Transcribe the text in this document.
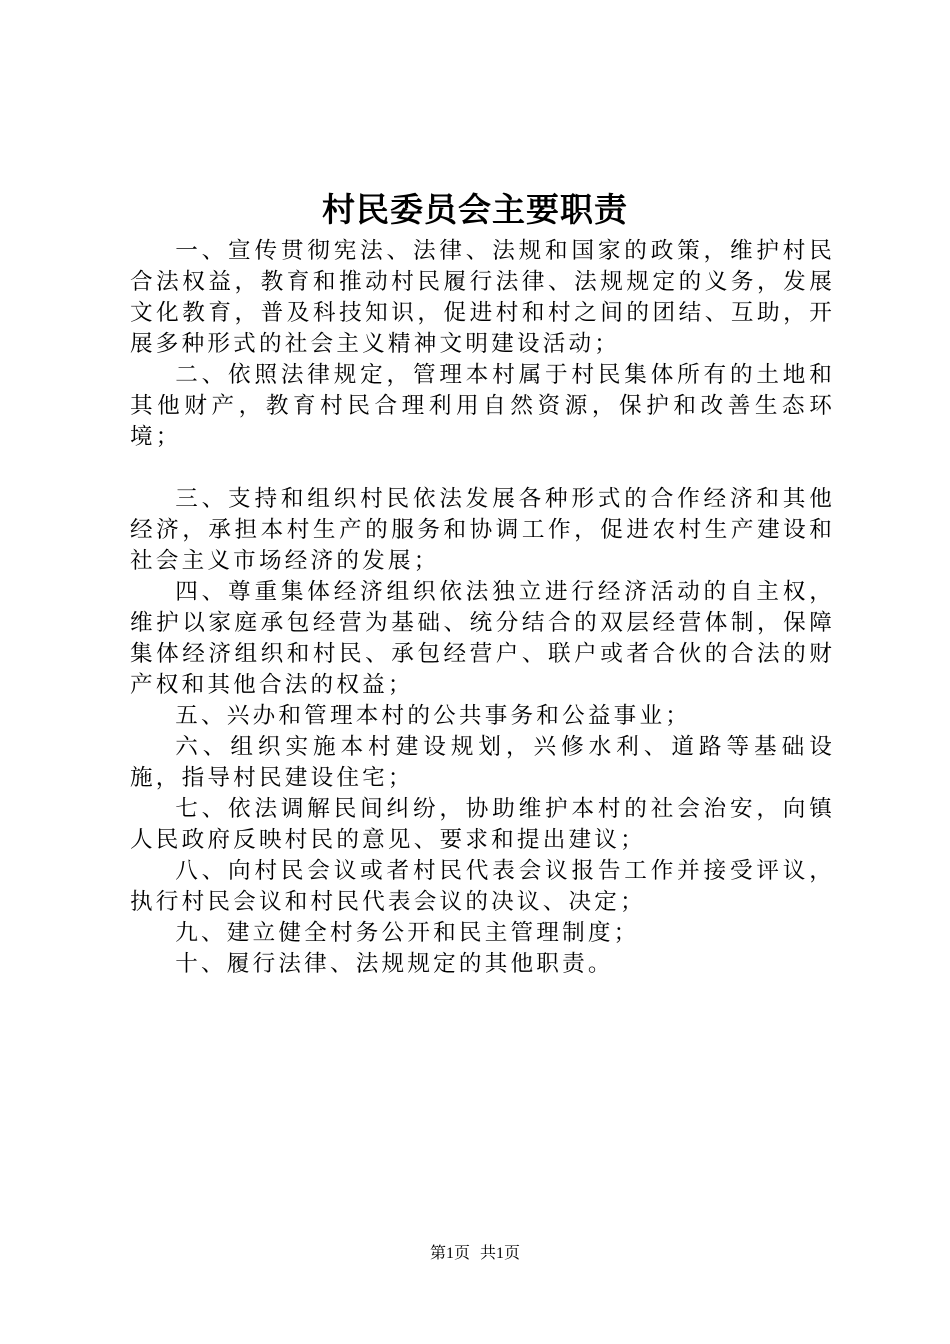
村民委员会主要职责

一、宣传贯彻宪法、法律、法规和国家的政策，维护村民合法权益，教育和推动村民履行法律、法规规定的义务，发展文化教育，普及科技知识，促进村和村之间的团结、互助，开展多种形式的社会主义精神文明建设活动；

二、依照法律规定，管理本村属于村民集体所有的土地和其他财产，教育村民合理利用自然资源，保护和改善生态环境；

三、支持和组织村民依法发展各种形式的合作经济和其他经济，承担本村生产的服务和协调工作，促进农村生产建设和社会主义市场经济的发展；

四、尊重集体经济组织依法独立进行经济活动的自主权，维护以家庭承包经营为基础、统分结合的双层经营体制，保障集体经济组织和村民、承包经营户、联户或者合伙的合法的财产权和其他合法的权益；

五、兴办和管理本村的公共事务和公益事业；

六、组织实施本村建设规划，兴修水利、道路等基础设施，指导村民建设住宅；

七、依法调解民间纠纷，协助维护本村的社会治安，向镇人民政府反映村民的意见、要求和提出建议；

八、向村民会议或者村民代表会议报告工作并接受评议，执行村民会议和村民代表会议的决议、决定；

九、建立健全村务公开和民主管理制度；

十、履行法律、法规规定的其他职责。

第1页 共1页
